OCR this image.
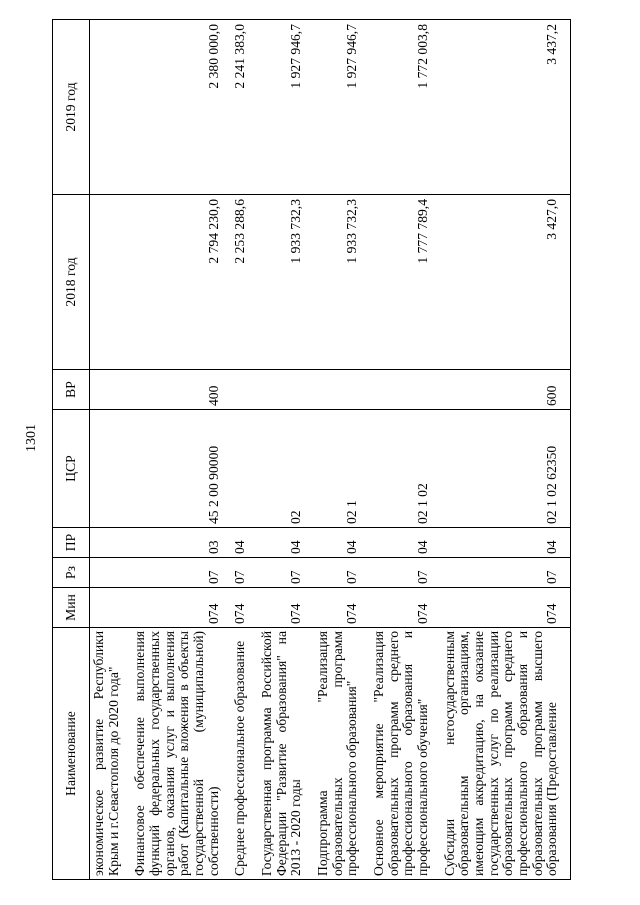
1301
Наименование	Мин	Рз	ПР	ЦСР	ВР	2018 год	2019 год
экономическое развитие Республики Крым и г.Севастополя до 2020 года"							
Финансовое обеспечение выполнения функций федеральных государственных органов, оказания услуг и выполнения работ (Капитальные вложения в объекты государственной (муниципальной) собственности)	074	07	03	45 2 00 90000	400	2 794 230,0	2 380 000,0
Среднее профессиональное образование	074	07	04			2 253 288,6	2 241 383,0
Государственная программа Российской Федерации "Развитие образования" на 2013 - 2020 годы	074	07	04	02		1 933 732,3	1 927 946,7
Подпрограмма "Реализация образовательных программ профессионального образования"	074	07	04	02 1		1 933 732,3	1 927 946,7
Основное мероприятие "Реализация образовательных программ среднего профессионального образования и профессионального обучения"	074	07	04	02 1 02		1 777 789,4	1 772 003,8
Субсидии негосударственным образовательным организациям, имеющим аккредитацию, на оказание государственных услуг по реализации образовательных программ среднего профессионального образования и образовательных программ высшего образования (Предоставление	074	07	04	02 1 02 62350	600	3 427,0	3 437,2
